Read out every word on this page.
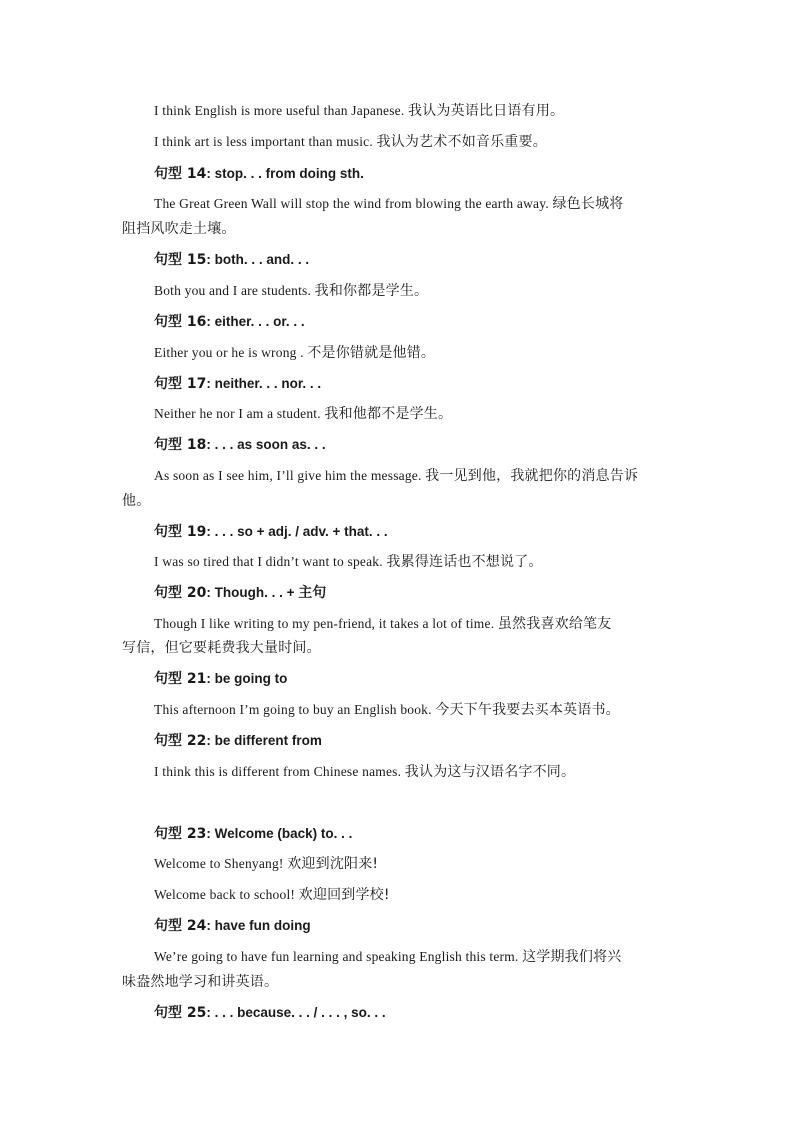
I think English is more useful than Japanese. 我认为英语比日语有用。
I think art is less important than music. 我认为艺术不如音乐重要。
句型 14: stop. . . from doing sth.
The Great Green Wall will stop the wind from blowing the earth away. 绿色长城将
阻挡风吹走土壤。
句型 15: both. . . and. . .
Both you and I are students. 我和你都是学生。
句型 16: either. . . or. . .
Either you or he is wrong . 不是你错就是他错。
句型 17: neither. . . nor. . .
Neither he nor I am a student. 我和他都不是学生。
句型 18: . . . as soon as. . .
As soon as I see him, I’ll give him the message. 我一见到他，我就把你的消息告诉
他。
句型 19: . . . so + adj. / adv. + that. . .
I was so tired that I didn’t want to speak. 我累得连话也不想说了。
句型 20: Though. . . + 主句
Though I like writing to my pen-friend, it takes a lot of time. 虽然我喜欢给笔友
写信，但它要耗费我大量时间。
句型 21: be going to
This afternoon I’m going to buy an English book. 今天下午我要去买本英语书。
句型 22: be different from
I think this is different from Chinese names. 我认为这与汉语名字不同。
句型 23: Welcome (back) to. . .
Welcome to Shenyang! 欢迎到沈阳来!
Welcome back to school! 欢迎回到学校!
句型 24: have fun doing
We’re going to have fun learning and speaking English this term. 这学期我们将兴
味盎然地学习和讲英语。
句型 25: . . . because. . . / . . . , so. . .
